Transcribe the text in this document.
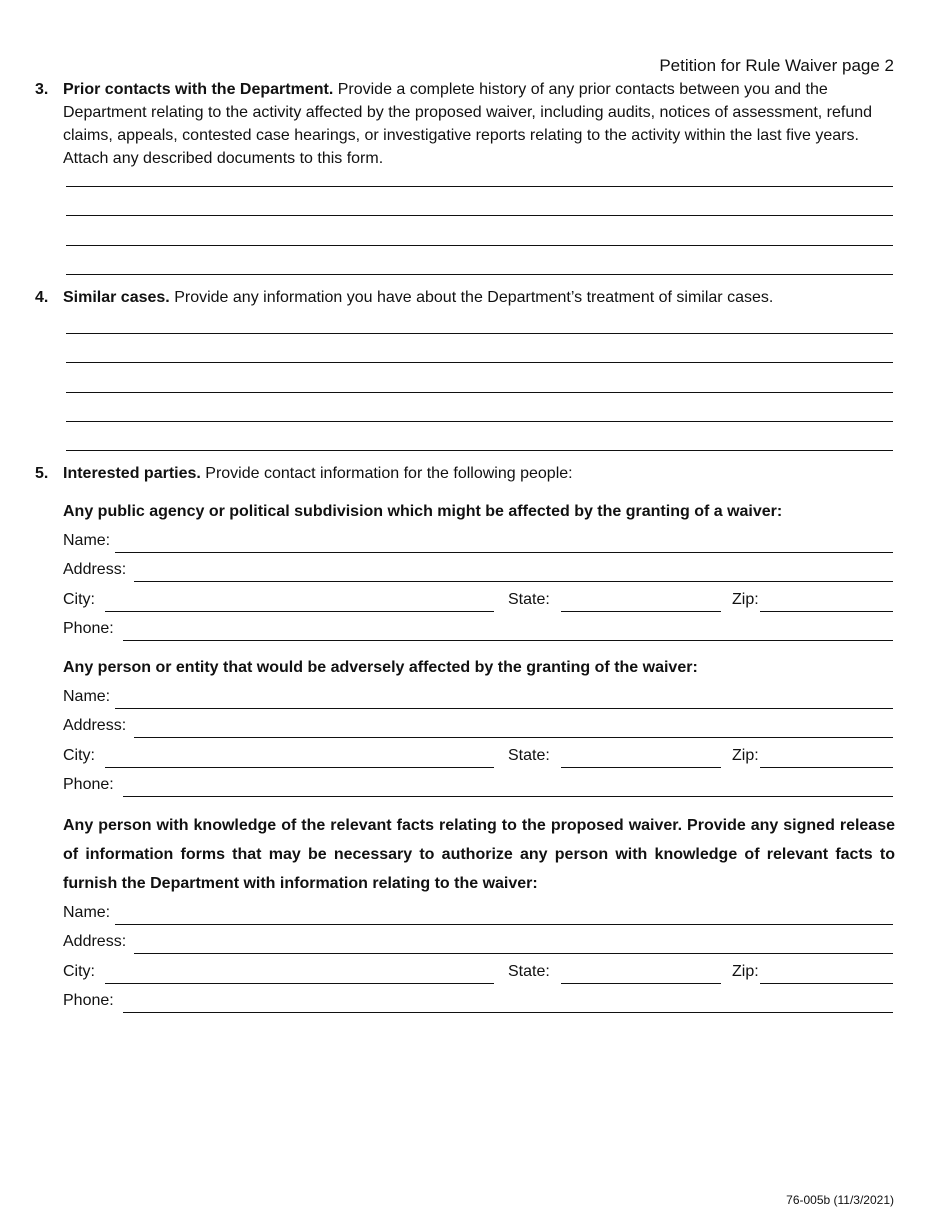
Petition for Rule Waiver page 2
3. Prior contacts with the Department. Provide a complete history of any prior contacts between you and the Department relating to the activity affected by the proposed waiver, including audits, notices of assessment, refund claims, appeals, contested case hearings, or investigative reports relating to the activity within the last five years. Attach any described documents to this form.
4. Similar cases. Provide any information you have about the Department’s treatment of similar cases.
5. Interested parties. Provide contact information for the following people:
Any public agency or political subdivision which might be affected by the granting of a waiver:
Name:
Address:
City:	State:	Zip:
Phone:
Any person or entity that would be adversely affected by the granting of the waiver:
Name:
Address:
City:	State:	Zip:
Phone:
Any person with knowledge of the relevant facts relating to the proposed waiver. Provide any signed release of information forms that may be necessary to authorize any person with knowledge of relevant facts to furnish the Department with information relating to the waiver:
Name:
Address:
City:	State:	Zip:
Phone:
76-005b (11/3/2021)
